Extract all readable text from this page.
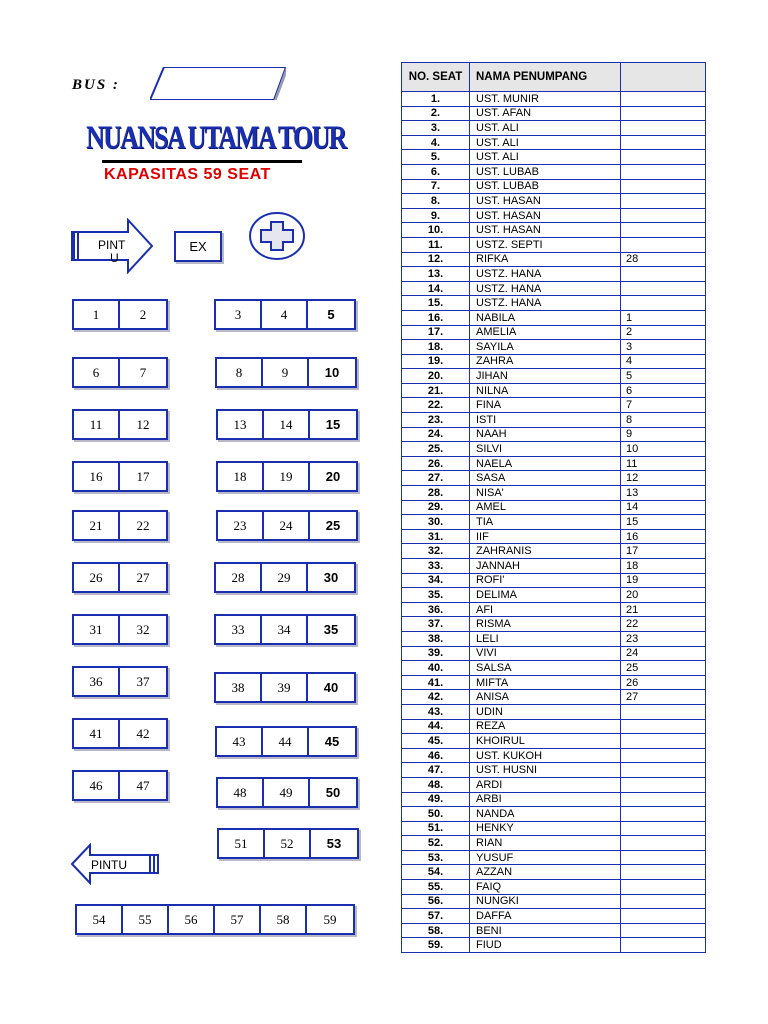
BUS :
NUANSA UTAMA TOUR
KAPASITAS 59 SEAT
PINT
U
EX
1	2
6	7
11	12
16	17
21	22
26	27
31	32
36	37
41	42
46	47
3	4	5
8	9	10
13	14	15
18	19	20
23	24	25
28	29	30
33	34	35
38	39	40
43	44	45
48	49	50
51	52	53
PINTU
54	55	56	57	58	59
NO. SEAT	NAMA PENUMPANG	
1.	UST. MUNIR	
2.	UST. AFAN	
3.	UST. ALI	
4.	UST. ALI	
5.	UST. ALI	
6.	UST. LUBAB	
7.	UST. LUBAB	
8.	UST. HASAN	
9.	UST. HASAN	
10.	UST. HASAN	
11.	USTZ. SEPTI	
12.	RIFKA	28
13.	USTZ. HANA	
14.	USTZ. HANA	
15.	USTZ. HANA	
16.	NABILA	1
17.	AMELIA	2
18.	SAYILA	3
19.	ZAHRA	4
20.	JIHAN	5
21.	NILNA	6
22.	FINA	7
23.	ISTI	8
24.	NAAH	9
25.	SILVI	10
26.	NAELA	11
27.	SASA	12
28.	NISA'	13
29.	AMEL	14
30.	TIA	15
31.	IIF	16
32.	ZAHRANIS	17
33.	JANNAH	18
34.	ROFI'	19
35.	DELIMA	20
36.	AFI	21
37.	RISMA	22
38.	LELI	23
39.	VIVI	24
40.	SALSA	25
41.	MIFTA	26
42.	ANISA	27
43.	UDIN	
44.	REZA	
45.	KHOIRUL	
46.	UST. KUKOH	
47.	UST. HUSNI	
48.	ARDI	
49.	ARBI	
50.	NANDA	
51.	HENKY	
52.	RIAN	
53.	YUSUF	
54.	AZZAN	
55.	FAIQ	
56.	NUNGKI	
57.	DAFFA	
58.	BENI	
59.	FIUD	
